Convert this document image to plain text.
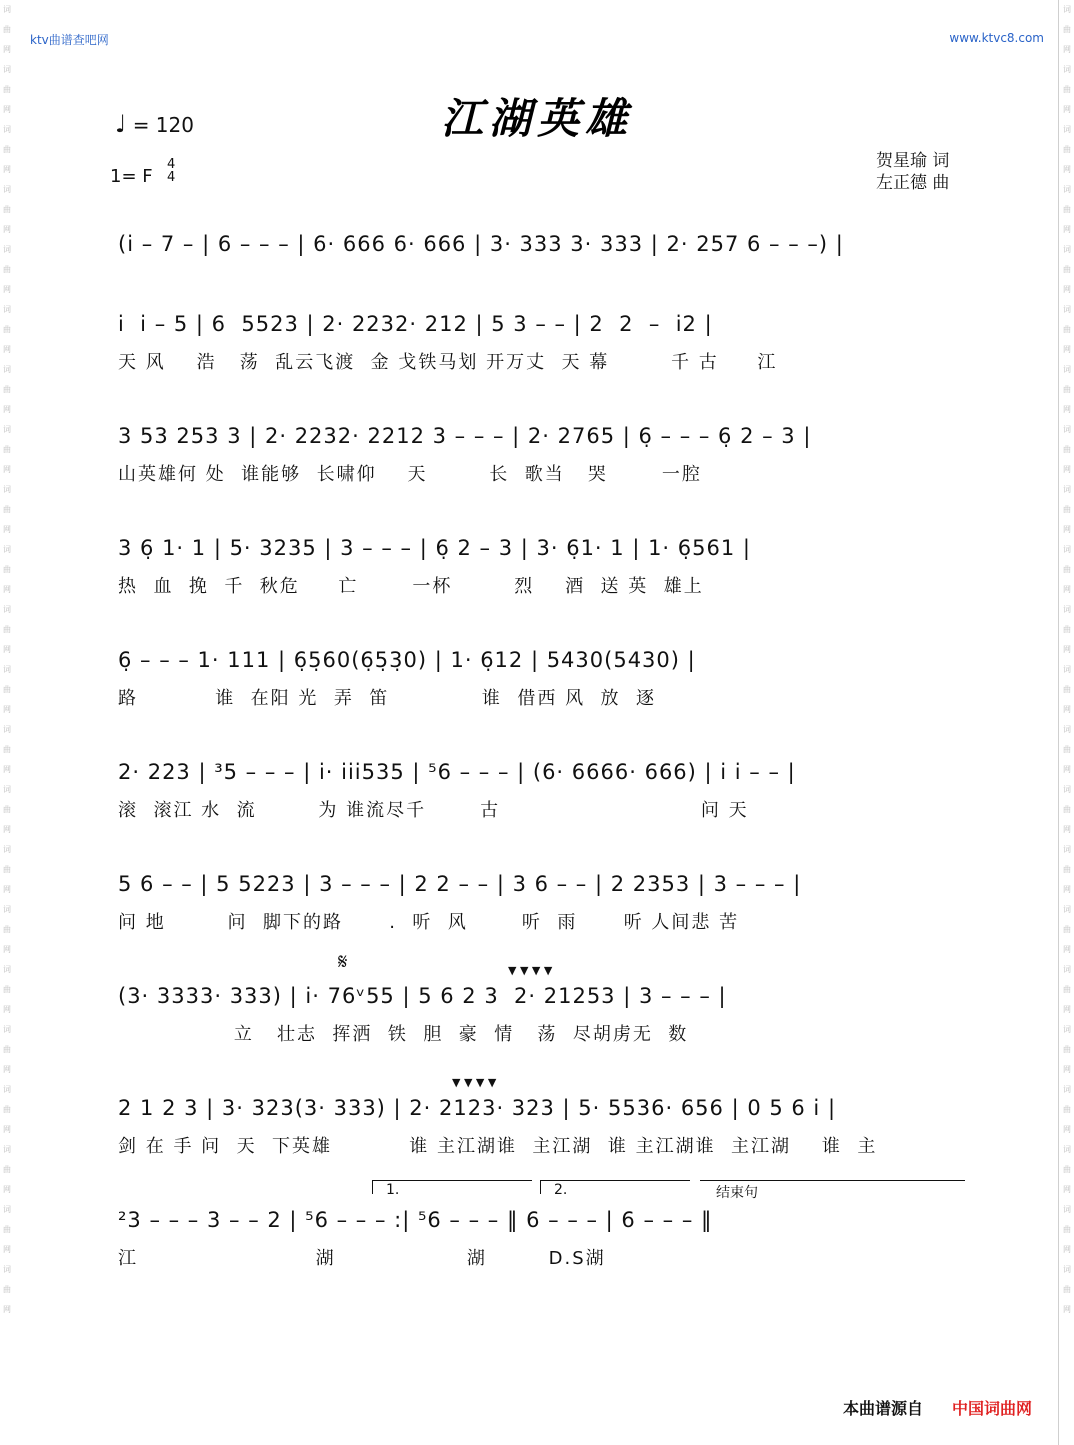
词曲网词曲网词曲网词曲网词曲网词曲网词曲网词曲网词曲网词曲网词曲网词曲网词曲网词曲网词曲网词曲网词曲网词曲网词曲网词曲网词曲网词曲网
词曲网词曲网词曲网词曲网词曲网词曲网词曲网词曲网词曲网词曲网词曲网词曲网词曲网词曲网词曲网词曲网词曲网词曲网词曲网词曲网词曲网词曲网
ktv曲谱查吧网	www.ktvc8.com
江湖英雄
♩ = 120
1= F
4
4
贺星瑜 词
左正德 曲
(i̇ – 7 – | 6 – – – | 6· 666 6· 666 | 3· 333 3· 333 | 2· 257 6 – – –) |
i̇  i̇ – 5 | 6  5523 | 2· 2232· 212 | 5 3 – – | 2  2  –  i̇2 |
天 风    浩   荡  乱云飞渡  金 戈铁马划 开万丈  天 幕        千 古     江
3 53 253 3 | 2· 2232· 2212 3 – – – | 2· 2765 | 6̣ – – – 6̣ 2 – 3 |
山英雄何 处  谁能够  长啸仰    天        长  歌当   哭       一腔
3 6̣ 1· 1 | 5· 3235 | 3 – – – | 6̣ 2 – 3 | 3· 6̣1· 1 | 1· 6̣561 |
热  血  挽  千  秋危     亡       一杯        烈    酒  送 英  雄上
6̣ – – – 1· 111 | 6̣5̣60(6̣5̣3̣0) | 1· 6̣12 | 5430(5430) |
路          谁  在阳 光  弄  笛            谁  借西 风  放  逐
2· 223 | ³5 – – – | i̇· i̇i̇i̇535 | ⁵6 – – – | (6· 6666· 666) | i̇ i̇ – – |
滚  滚江 水  流        为 谁流尽千       古                          问 天
5 6 – – | 5 5223 | 3 – – – | 2 2 – – | 3 6 – – | 2 2353 | 3 – – – |
问 地        问  脚下的路      .  听  风       听  雨      听 人间悲 苦
𝄋	▼ ▼ ▼ ▼
(3· 3333· 333) | i̇· 76ᵛ55 | 5 6 2 3  2· 21253 | 3 – – – |
立   壮志  挥洒  铁  胆  豪  情   荡  尽胡虏无  数
▼ ▼ ▼ ▼
2 1 2 3 | 3· 323(3· 333) | 2· 2123· 323 | 5· 5536· 656 | 0 5 6 i̇ |
剑 在 手 问  天  下英雄          谁 主江湖谁  主江湖  谁 主江湖谁  主江湖    谁  主
1.	2.	结束句
²3 – – – 3 – – 2 | ⁵6 – – – :| ⁵6 – – – ‖ 6 – – – | 6 – – – ‖
江                       湖                 湖        D.S湖
本曲谱源自 中国词曲网
